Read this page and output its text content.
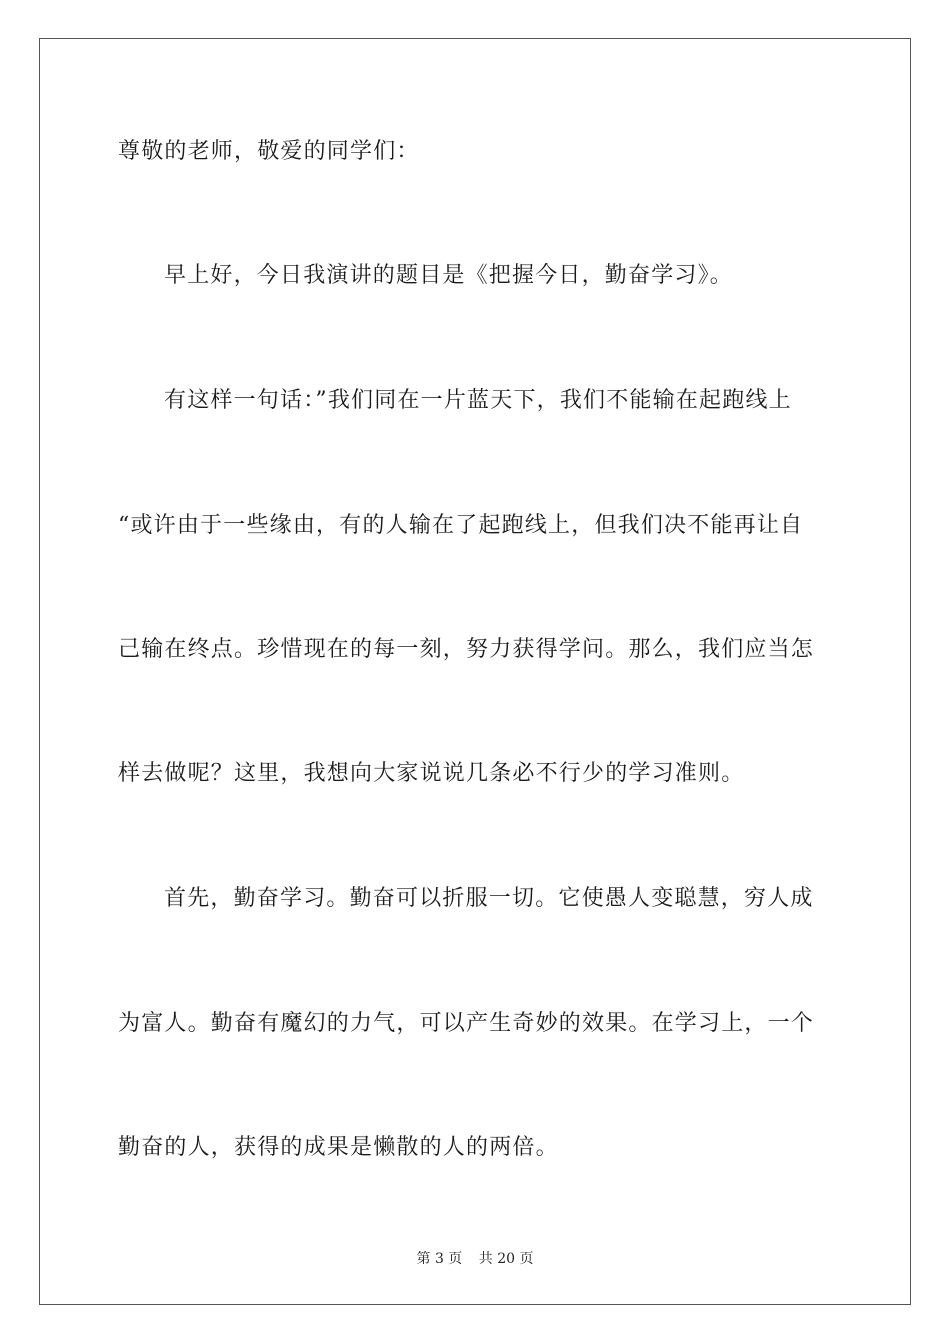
尊敬的老师，敬爱的同学们：
早上好，今日我演讲的题目是《把握今日，勤奋学习》。
有这样一句话：”我们同在一片蓝天下，我们不能输在起跑线上
“或许由于一些缘由，有的人输在了起跑线上，但我们决不能再让自
己输在终点。珍惜现在的每一刻，努力获得学问。那么，我们应当怎
样去做呢？这里，我想向大家说说几条必不行少的学习准则。
首先，勤奋学习。勤奋可以折服一切。它使愚人变聪慧，穷人成
为富人。勤奋有魔幻的力气，可以产生奇妙的效果。在学习上，一个
勤奋的人，获得的成果是懒散的人的两倍。
第 3 页 共 20 页
